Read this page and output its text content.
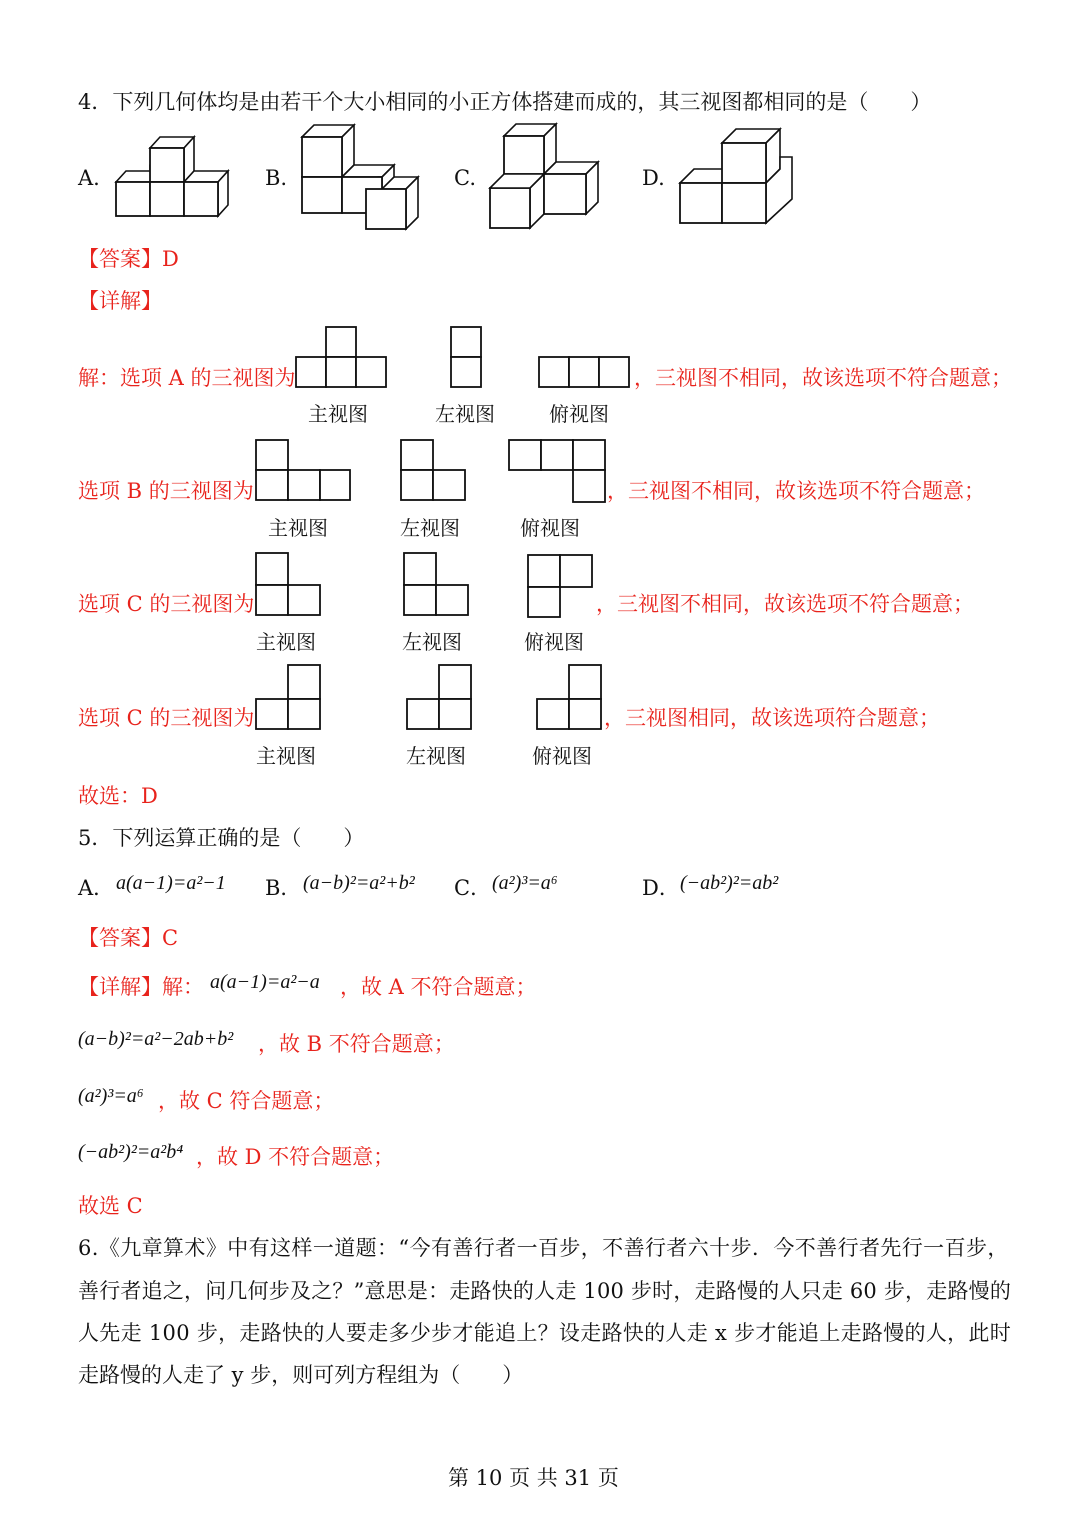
4．下列几何体均是由若干个大小相同的小正方体搭建而成的，其三视图都相同的是（　　）
A.	B.	C.	D.
【答案】D
【详解】
解：选项 A 的三视图为	，三视图不相同，故该选项不符合题意；
主视图	左视图	俯视图
选项 B 的三视图为	，三视图不相同，故该选项不符合题意；
主视图	左视图	俯视图
选项 C 的三视图为	，三视图不相同，故该选项不符合题意；
主视图	左视图	俯视图
选项 C 的三视图为	，三视图相同，故该选项符合题意；
主视图	左视图	俯视图
故选：D
5．下列运算正确的是（　　）
A． a(a−1)=a²−1 B． (a−b)²=a²+b² C． (a²)³=a⁶	D． (−ab²)²=ab²
【答案】C
【详解】解： a(a−1)=a²−a ，故 A 不符合题意；
(a−b)²=a²−2ab+b² ，故 B 不符合题意；
(a²)³=a⁶ ，故 C 符合题意；
(−ab²)²=a²b⁴ ，故 D 不符合题意；
故选 C
6.《九章算术》中有这样一道题：“今有善行者一百步，不善行者六十步．今不善行者先行一百步，
善行者追之，问几何步及之？”意思是：走路快的人走 100 步时，走路慢的人只走 60 步，走路慢的
人先走 100 步，走路快的人要走多少步才能追上？设走路快的人走 x 步才能追上走路慢的人，此时
走路慢的人走了 y 步，则可列方程组为（　　）
第 10 页 共 31 页
